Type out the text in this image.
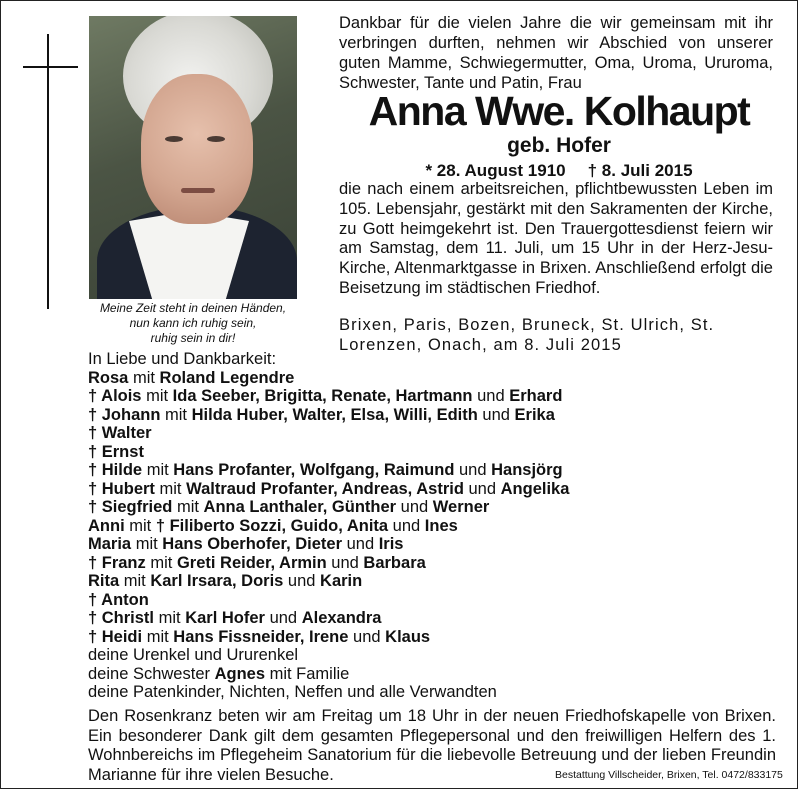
Meine Zeit steht in deinen Händen,
nun kann ich ruhig sein,
ruhig sein in dir!
Dankbar für die vielen Jahre die wir gemeinsam mit ihr verbringen durften, nehmen wir Abschied von unserer guten Mamme, Schwiegermutter, Oma, Uroma, Ururoma, Schwester, Tante und Patin, Frau
Anna Wwe. Kolhaupt
geb. Hofer
* 28. August 1910 † 8. Juli 2015
die nach einem arbeitsreichen, pflichtbewussten Leben im 105. Lebensjahr, gestärkt mit den Sakramenten der Kirche, zu Gott heimgekehrt ist. Den Trauergottesdienst feiern wir am Samstag, dem 11. Juli, um 15 Uhr in der Herz-Jesu-Kirche, Altenmarktgasse in Brixen. Anschließend erfolgt die Beisetzung im städtischen Friedhof.
Brixen, Paris, Bozen, Bruneck, St. Ulrich, St. Lorenzen, Onach, am 8. Juli 2015
In Liebe und Dankbarkeit:
Rosa mit Roland Legendre
† Alois mit Ida Seeber, Brigitta, Renate, Hartmann und Erhard
† Johann mit Hilda Huber, Walter, Elsa, Willi, Edith und Erika
† Walter
† Ernst
† Hilde mit Hans Profanter, Wolfgang, Raimund und Hansjörg
† Hubert mit Waltraud Profanter, Andreas, Astrid und Angelika
† Siegfried mit Anna Lanthaler, Günther und Werner
Anni mit † Filiberto Sozzi, Guido, Anita und Ines
Maria mit Hans Oberhofer, Dieter und Iris
† Franz mit Greti Reider, Armin und Barbara
Rita mit Karl Irsara, Doris und Karin
† Anton
† Christl mit Karl Hofer und Alexandra
† Heidi mit Hans Fissneider, Irene und Klaus
deine Urenkel und Ururenkel
deine Schwester Agnes mit Familie
deine Patenkinder, Nichten, Neffen und alle Verwandten
Den Rosenkranz beten wir am Freitag um 18 Uhr in der neuen Friedhofskapelle von Brixen. Ein besonderer Dank gilt dem gesamten Pflegepersonal und den freiwilligen Helfern des 1. Wohnbereichs im Pflegeheim Sanatorium für die liebevolle Betreuung und der lieben Freundin Marianne für ihre vielen Besuche.	Bestattung Villscheider, Brixen, Tel. 0472/833175
